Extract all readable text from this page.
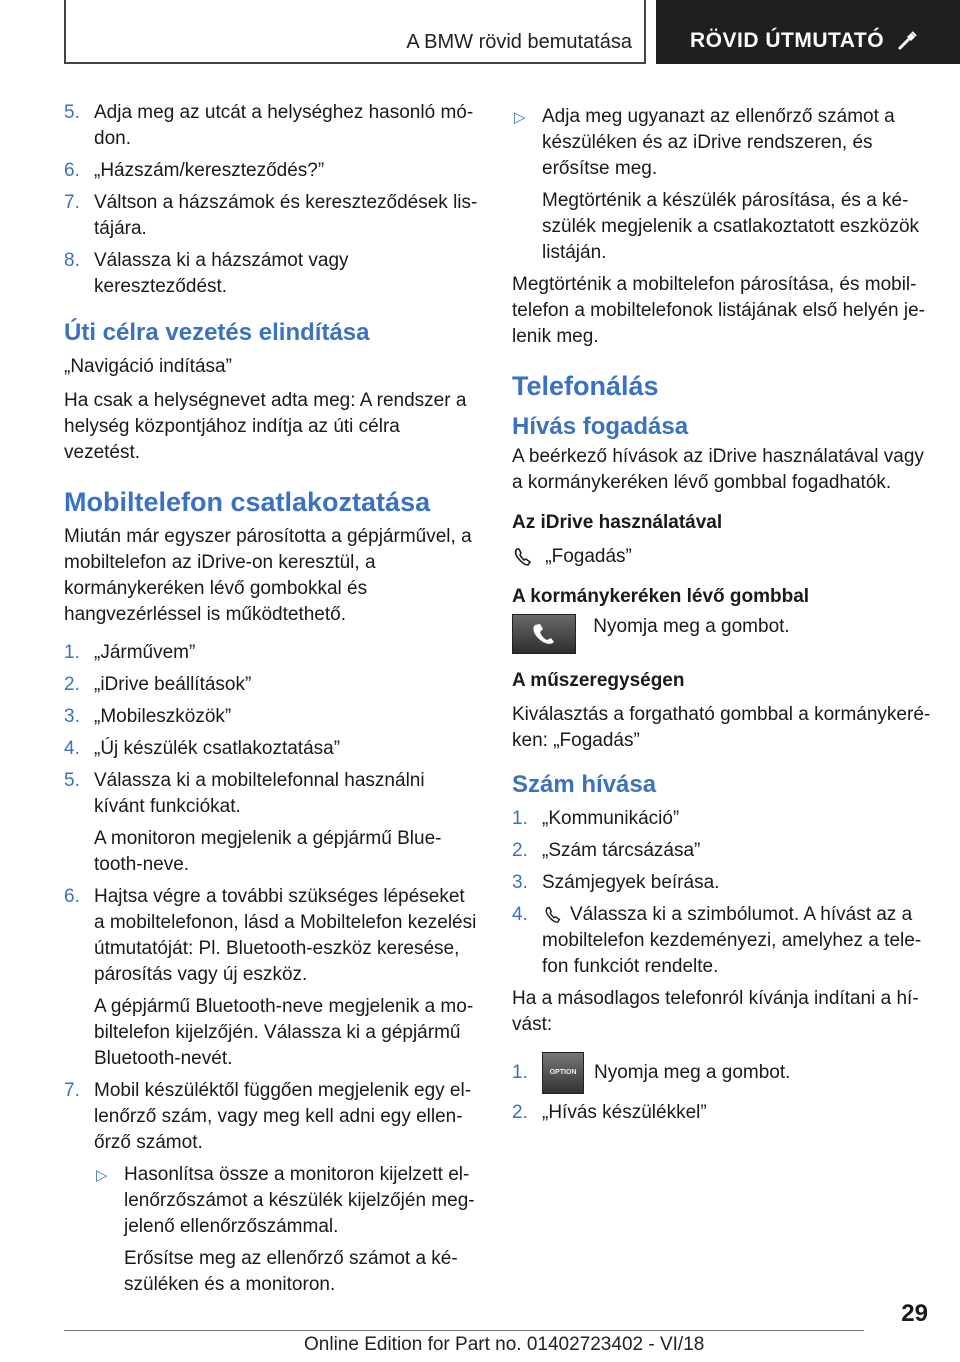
A BMW rövid bemutatása	RÖVID ÚTMUTATÓ
5. Adja meg az utcát a helységhez hasonló módon.
6. „Házszám/kereszteződés?”
7. Váltson a házszámok és kereszteződések listájára.
8. Válassza ki a házszámot vagy kereszteződést.
Úti célra vezetés elindítása

„Navigáció indítása”

Ha csak a helységnevet adta meg: A rendszer a helység központjához indítja az úti célra vezetést.

Mobiltelefon csatlakoztatása

Miután már egyszer párosította a gépjárművel, a mobiltelefon az iDrive-on keresztül, a kormánykeréken lévő gombokkal és hangvezérléssel is működtethető.

1. „Járművem”
2. „iDrive beállítások”
3. „Mobileszközök”
4. „Új készülék csatlakoztatása”
5. Válassza ki a mobiltelefonnal használni kívánt funkciókat.
A monitoron megjelenik a gépjármű Bluetooth-neve.
6. Hajtsa végre a további szükséges lépéseket a mobiltelefonon, lásd a Mobiltelefon kezelési útmutatóját: Pl. Bluetooth-eszköz keresése, párosítás vagy új eszköz.
A gépjármű Bluetooth-neve megjelenik a mobiltelefon kijelzőjén. Válassza ki a gépjármű Bluetooth-nevét.
7. Mobil készüléktől függően megjelenik egy ellenőrző szám, vagy meg kell adni egy ellenőrző számot.
▷ Hasonlítsa össze a monitoron kijelzett ellenőrzőszámot a készülék kijelzőjén megjelenő ellenőrzőszámmal.
Erősítse meg az ellenőrző számot a készüléken és a monitoron.
▷ Adja meg ugyanazt az ellenőrző számot a készüléken és az iDrive rendszeren, és erősítse meg.
Megtörténik a készülék párosítása, és a készülék megjelenik a csatlakoztatott eszközök listáján.

Megtörténik a mobiltelefon párosítása, és mobiltelefon a mobiltelefonok listájának első helyén jelenik meg.

Telefonálás
Hívás fogadása

A beérkező hívások az iDrive használatával vagy a kormánykeréken lévő gombbal fogadhatók.

Az iDrive használatával

„Fogadás”

A kormánykeréken lévő gombbal

Nyomja meg a gombot.

A műszeregységen

Kiválasztás a forgatható gombbal a kormánykeréken: „Fogadás”

Szám hívása
1. „Kommunikáció”
2. „Szám tárcsázása”
3. Számjegyek beírása.
4. Válassza ki a szimbólumot. A hívást az a mobiltelefon kezdeményezi, amelyhez a telefon funkciót rendelte.

Ha a másodlagos telefonról kívánja indítani a hívást:

1.	OPTION Nyomja meg a gombot.
2. „Hívás készülékkel”
29
Online Edition for Part no. 01402723402 - VI/18
